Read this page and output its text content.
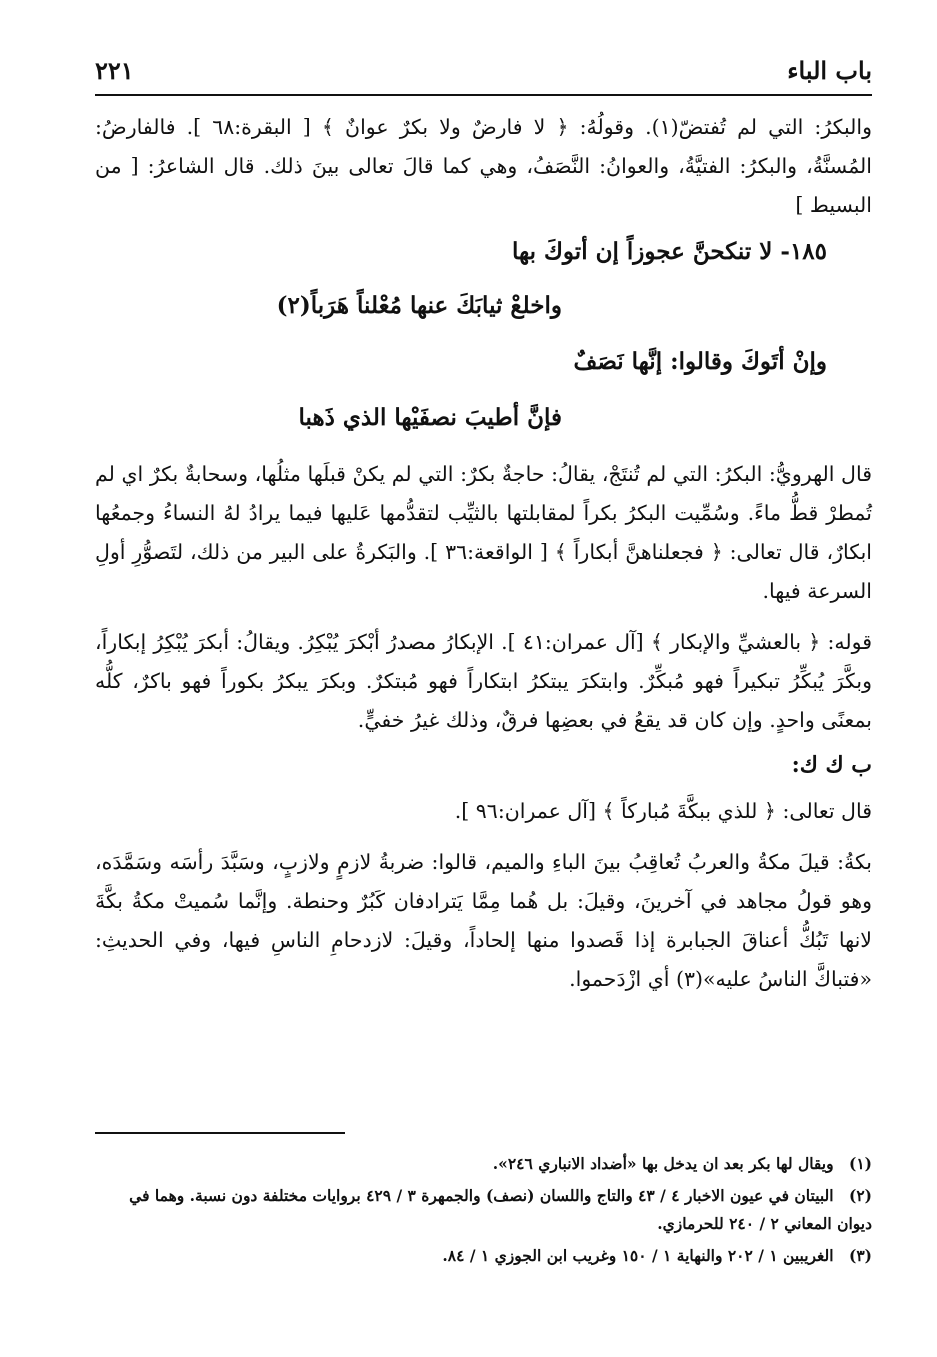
باب الباء
٢٢١

والبكرُ: التي لم تُفتضّ(١). وقولُهُ: ﴿ لا فارضٌ ولا بكرٌ عوانٌ ﴾ [ البقرة:٦٨ ]. فالفارضُ: المُسنَّةُ، والبكرُ: الفتيَّةُ، والعوانُ: النَّصَفُ، وهي كما قالَ تعالى بينَ ذلك. قال الشاعرُ: [ من البسيط ]

١٨٥- لا تنكحنَّ عجوزاً إن أتوكَ بها

واخلعْ ثيابَكَ عنها مُعْلناً هَرَباً(٢)

وإنْ أتَوكَ وقالوا: إنَّها نَصَفٌ

فإنَّ أطيبَ نصفَيْها الذي ذَهبا

قال الهرويُّ: البكرُ: التي لم تُنتَجْ، يقالُ: حاجةٌ بكرٌ: التي لم يكنْ قبلَها مثلُها، وسحابةٌ بكرٌ اي لم تُمطرْ قطُّ ماءً. وسُمِّيت البكرُ بكراً لمقابلتها بالثيِّب لتقدُّمها عَليها فيما يرادُ لهُ النساءُ وجمعُها ابكارٌ، قال تعالى: ﴿ فجعلناهنَّ أبكاراً ﴾ [ الواقعة:٣٦ ]. والبَكرةُ على البير من ذلك، لتَصوُّرِ أولِ السرعة فيها.

قوله: ﴿ بالعشيِّ والإبكار ﴾ [آل عمران:٤١ ]. الإبكارُ مصدرُ أبْكرَ يُبْكِرُ. ويقالُ: أبكرَ يُبْكِرُ إبكاراً، وبكَّرَ يُبكِّرُ تبكيراً فهو مُبكِّرٌ. وابتكرَ يبتكرُ ابتكاراً فهو مُبتكرٌ. وبكرَ يبكرُ بكوراً فهو باكرٌ، كلُّه بمعنًى واحدٍ. وإن كان قد يقعُ في بعضِها فرقٌ، وذلك غيرُ خفيٍّ.

ب ك ك:

قال تعالى: ﴿ للذي ببكَّةَ مُباركاً ﴾ [آل عمران:٩٦ ].

بكةُ: قيلَ مكةُ والعربُ تُعاقِبُ بينَ الباءِ والميم، قالوا: ضربةُ لازمٍ ولازبٍ، وسَبَّدَ رأسَه وسَمَّدَه، وهو قولُ مجاهد في آخرينَ، وقيلَ: بل هُما مِمَّا يَترادفان كَبُرٌ وحنطة. وإنَّما سُميتْ مكةُ بكَّةَ لانها تَبُكُّ أعناقَ الجبابرة إذا قَصدوا منها إلحاداً، وقيلَ: لازدحامِ الناسِ فيها، وفي الحديثِ: «فتباكَّ الناسُ عليه»(٣) أي ازْدَحموا.

(١) ويقال لها بكر بعد ان يدخل بها «أضداد الانباري ٢٤٦».
(٢) البيتان في عيون الاخبار ٤ / ٤٣ والتاج واللسان (نصف) والجمهرة ٣ / ٤٢٩ بروايات مختلفة دون نسبة. وهما في ديوان المعاني ٢ / ٢٤٠ للحرمازي.
(٣) الغريبين ١ / ٢٠٢ والنهاية ١ / ١٥٠ وغريب ابن الجوزي ١ / ٨٤.
